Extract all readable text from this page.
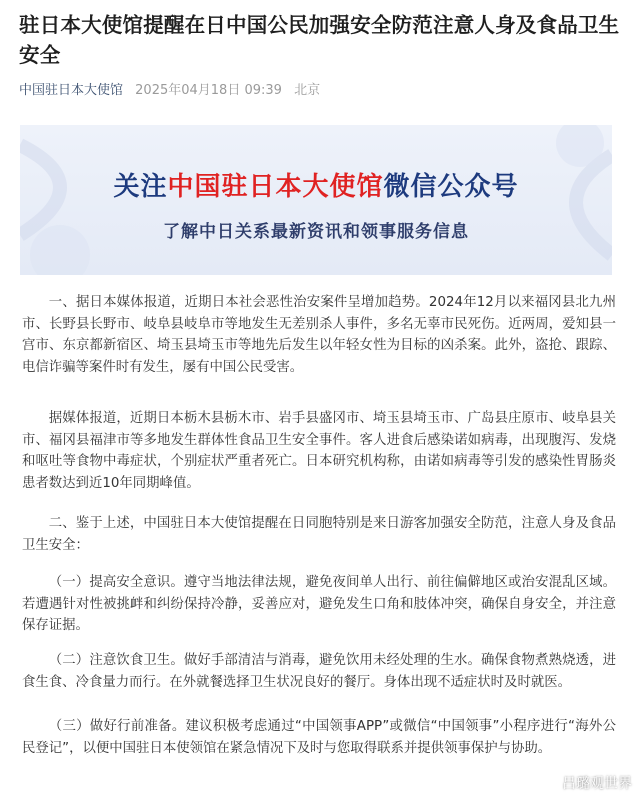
驻日本大使馆提醒在日中国公民加强安全防范注意人身及食品卫生安全
中国驻日本大使馆 2025年04月18日 09:39 北京
关注中国驻日本大使馆微信公众号
了解中日关系最新资讯和领事服务信息

一、据日本媒体报道，近期日本社会恶性治安案件呈增加趋势。2024年12月以来福冈县北九州市、长野县长野市、岐阜县岐阜市等地发生无差别杀人事件，多名无辜市民死伤。近两周，爱知县一宫市、东京都新宿区、埼玉县埼玉市等地先后发生以年轻女性为目标的凶杀案。此外，盗抢、跟踪、电信诈骗等案件时有发生，屡有中国公民受害。

据媒体报道，近期日本栃木县栃木市、岩手县盛冈市、埼玉县埼玉市、广岛县庄原市、岐阜县关市、福冈县福津市等多地发生群体性食品卫生安全事件。客人进食后感染诺如病毒，出现腹泻、发烧和呕吐等食物中毒症状，个别症状严重者死亡。日本研究机构称，由诺如病毒等引发的感染性胃肠炎患者数达到近10年同期峰值。

二、鉴于上述，中国驻日本大使馆提醒在日同胞特别是来日游客加强安全防范，注意人身及食品卫生安全：

（一）提高安全意识。遵守当地法律法规，避免夜间单人出行、前往偏僻地区或治安混乱区域。若遭遇针对性被挑衅和纠纷保持冷静，妥善应对，避免发生口角和肢体冲突，确保自身安全，并注意保存证据。

（二）注意饮食卫生。做好手部清洁与消毒，避免饮用未经处理的生水。确保食物煮熟烧透，进食生食、冷食量力而行。在外就餐选择卫生状况良好的餐厅。身体出现不适症状时及时就医。

（三）做好行前准备。建议积极考虑通过“中国领事APP”或微信“中国领事”小程序进行“海外公民登记”，以便中国驻日本使领馆在紧急情况下及时与您取得联系并提供领事保护与协助。

吕璐观世界
